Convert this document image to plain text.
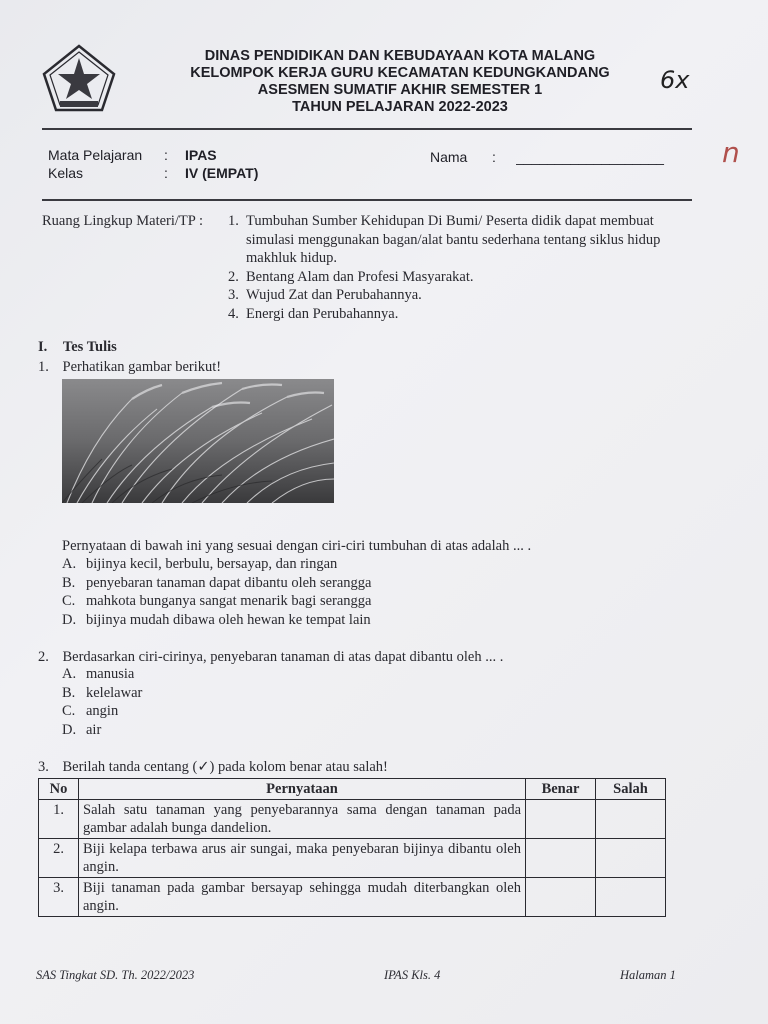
DINAS PENDIDIKAN DAN KEBUDAYAAN KOTA MALANG
KELOMPOK KERJA GURU KECAMATAN KEDUNGKANDANG
ASESMEN SUMATIF AKHIR SEMESTER 1
TAHUN PELAJARAN 2022-2023
6x
n
Mata Pelajaran : IPAS
Kelas	: IV (EMPAT)
Nama : ___________________
Ruang Lingkup Materi/TP : 1. Tumbuhan Sumber Kehidupan Di Bumi/ Peserta didik dapat membuat simulasi menggunakan bagan/alat bantu sederhana tentang siklus hidup makhluk hidup.
2. Bentang Alam dan Profesi Masyarakat.
3. Wujud Zat dan Perubahannya.
4. Energi dan Perubahannya.
I. Tes Tulis
1. Perhatikan gambar berikut!
Pernyataan di bawah ini yang sesuai dengan ciri-ciri tumbuhan di atas adalah ... .
A. bijinya kecil, berbulu, bersayap, dan ringan
B. penyebaran tanaman dapat dibantu oleh serangga
C. mahkota bunganya sangat menarik bagi serangga
D. bijinya mudah dibawa oleh hewan ke tempat lain
2. Berdasarkan ciri-cirinya, penyebaran tanaman di atas dapat dibantu oleh ... .
A. manusia
B. kelelawar
C. angin
D. air
3. Berilah tanda centang (✓) pada kolom benar atau salah!
No	Pernyataan	Benar	Salah
1.	Salah satu tanaman yang penyebarannya sama dengan tanaman pada gambar adalah bunga dandelion.		
2.	Biji kelapa terbawa arus air sungai, maka penyebaran bijinya dibantu oleh angin.		
3.	Biji tanaman pada gambar bersayap sehingga mudah diterbangkan oleh angin.		
SAS Tingkat SD. Th. 2022/2023	IPAS Kls. 4	Halaman 1
